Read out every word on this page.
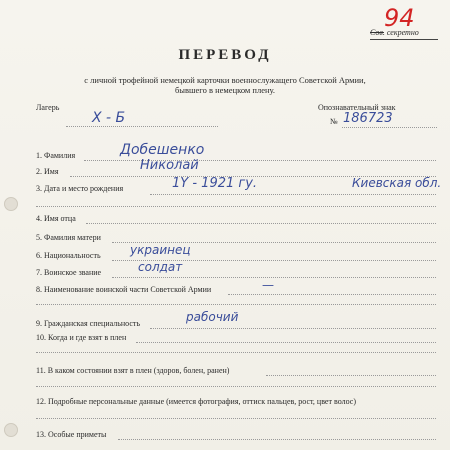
94
Сов. секретно
ПЕРЕВОД
с личной трофейной немецкой карточки военнослужащего Советской Армии,
бывшего в немецком плену.
Лагерь
Х - Б
Опознавательный знак
№ 186723
1. Фамилия	Добешенко
2. Имя	Николай
3. Дата и место рождения	1Y - 1921 гу.	Киевская обл.
4. Имя отца
5. Фамилия матери
6. Национальность украинец
7. Воинское звание	солдат
8. Наименование воинской части Советской Армии	—
9. Гражданская специальность	рабочий
10. Когда и где взят в плен
11. В каком состоянии взят в плен (здоров, болен, ранен)
12. Подробные персональные данные (имеется фотография, оттиск пальцев, рост, цвет волос)
13. Особые приметы
